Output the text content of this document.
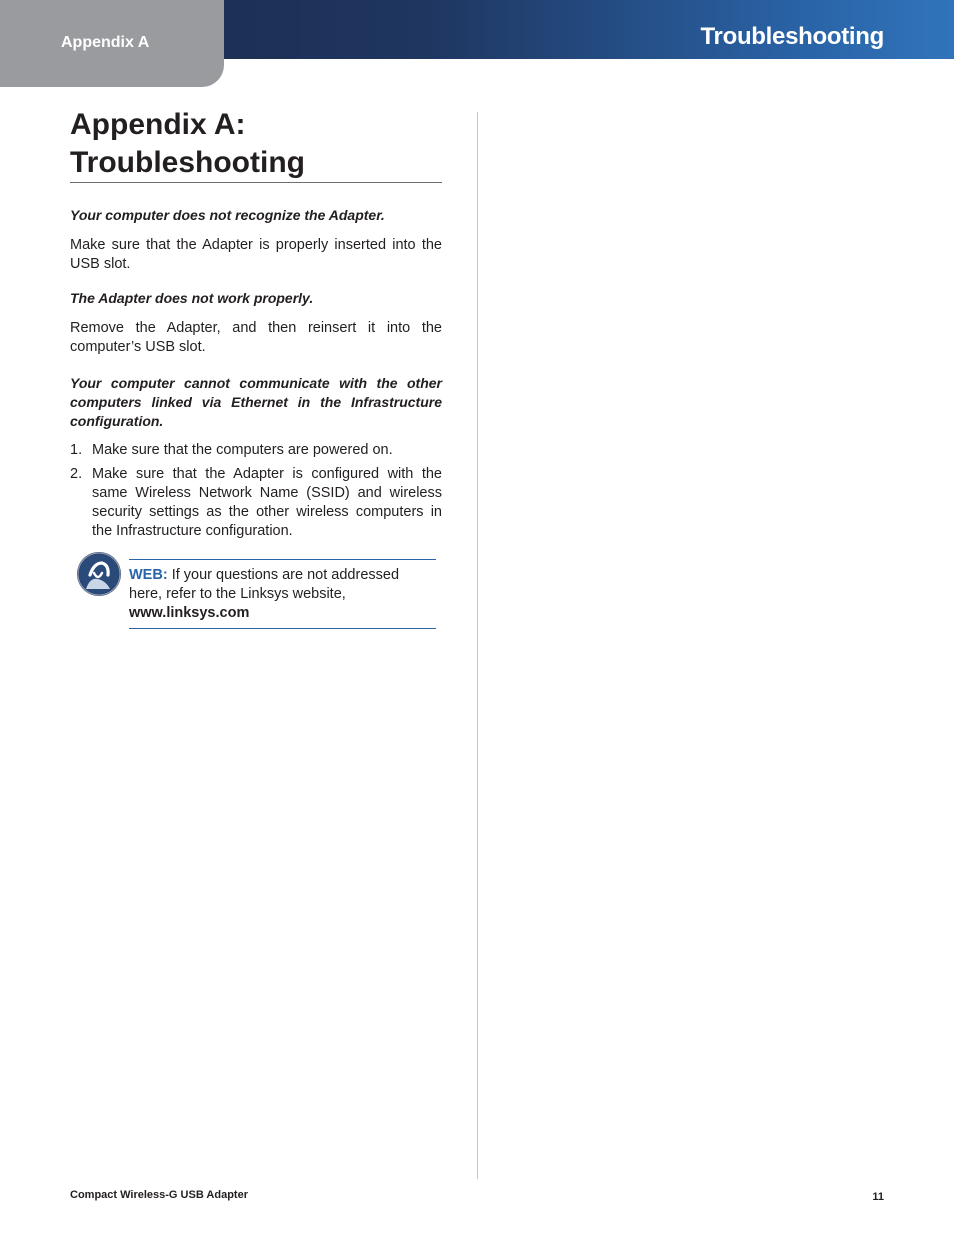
Appendix A	Troubleshooting
Appendix A:
Troubleshooting

Your computer does not recognize the Adapter.

Make sure that the Adapter is properly inserted into the USB slot.

The Adapter does not work properly.

Remove the Adapter, and then reinsert it into the computer’s USB slot.

Your computer cannot communicate with the other computers linked via Ethernet in the Infrastructure configuration.

1. Make sure that the computers are powered on.
2. Make sure that the Adapter is configured with the same Wireless Network Name (SSID) and wireless security settings as the other wireless computers in the Infrastructure configuration.
WEB: If your questions are not addressed here, refer to the Linksys website, www.linksys.com
Compact Wireless-G USB Adapter	11
